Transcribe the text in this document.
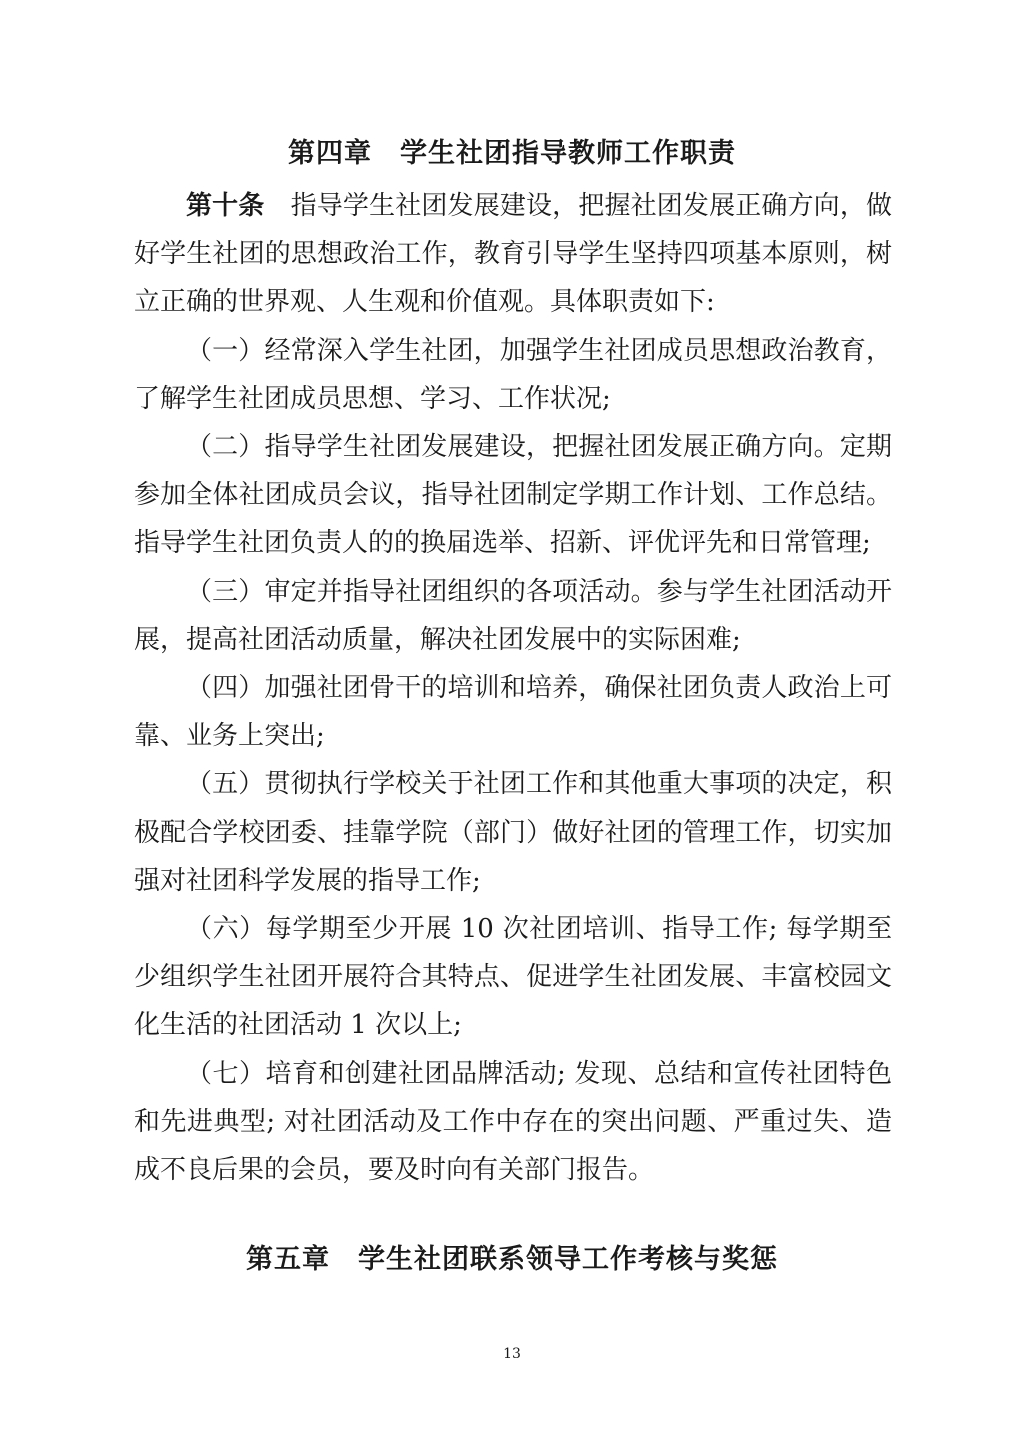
第四章　学生社团指导教师工作职责

第十条 指导学生社团发展建设，把握社团发展正确方向，做好学生社团的思想政治工作，教育引导学生坚持四项基本原则，树立正确的世界观、人生观和价值观。具体职责如下:

（一）经常深入学生社团，加强学生社团成员思想政治教育，了解学生社团成员思想、学习、工作状况;

（二）指导学生社团发展建设，把握社团发展正确方向。定期参加全体社团成员会议，指导社团制定学期工作计划、工作总结。指导学生社团负责人的的换届选举、招新、评优评先和日常管理;

（三）审定并指导社团组织的各项活动。参与学生社团活动开展，提高社团活动质量，解决社团发展中的实际困难;

（四）加强社团骨干的培训和培养，确保社团负责人政治上可靠、业务上突出;

（五）贯彻执行学校关于社团工作和其他重大事项的决定，积极配合学校团委、挂靠学院（部门）做好社团的管理工作，切实加强对社团科学发展的指导工作;

（六）每学期至少开展 10 次社团培训、指导工作; 每学期至少组织学生社团开展符合其特点、促进学生社团发展、丰富校园文化生活的社团活动 1 次以上;

（七）培育和创建社团品牌活动; 发现、总结和宣传社团特色和先进典型; 对社团活动及工作中存在的突出问题、严重过失、造成不良后果的会员，要及时向有关部门报告。

第五章　学生社团联系领导工作考核与奖惩
13
